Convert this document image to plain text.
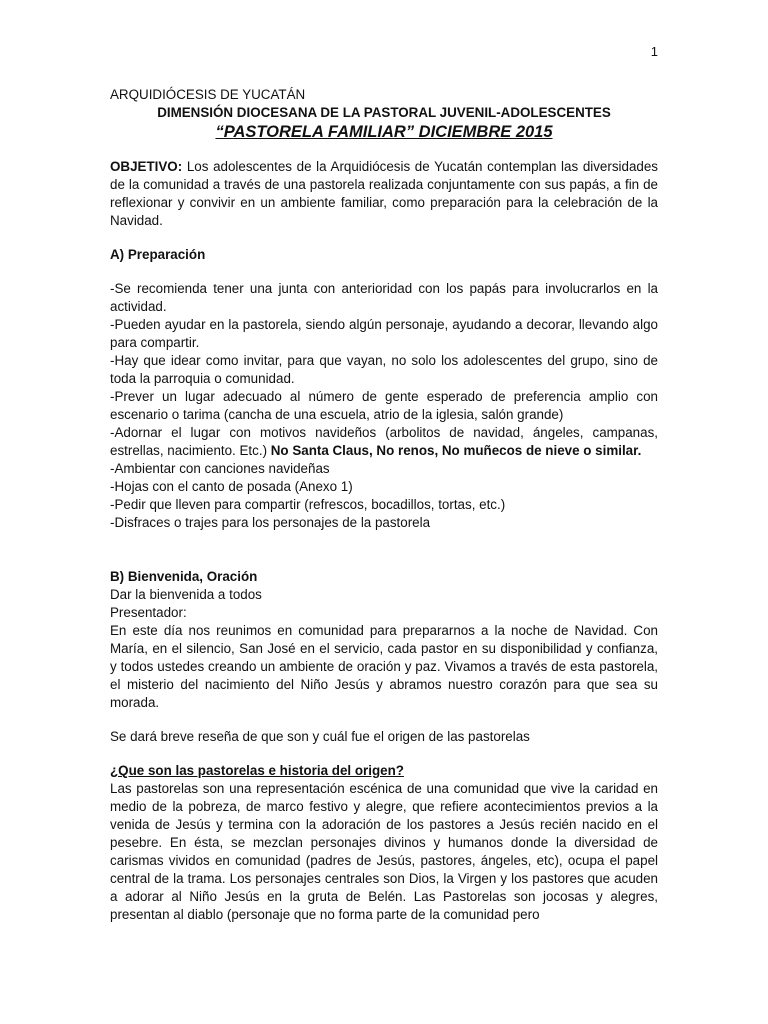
1

ARQUIDIÓCESIS DE YUCATÁN

DIMENSIÓN DIOCESANA DE LA PASTORAL JUVENIL-ADOLESCENTES

“PASTORELA FAMILIAR” DICIEMBRE 2015

OBJETIVO: Los adolescentes de la Arquidiócesis de Yucatán contemplan las diversidades de la comunidad a través de una pastorela realizada conjuntamente con sus papás, a fin de reflexionar y convivir en un ambiente familiar, como preparación para la celebración de la Navidad.

A) Preparación

-Se recomienda tener una junta con anterioridad con los papás para involucrarlos en la actividad.

-Pueden ayudar en la pastorela, siendo algún personaje, ayudando a decorar, llevando algo para compartir.

-Hay que idear como invitar, para que vayan, no solo los adolescentes del grupo, sino de toda la parroquia o comunidad.

-Prever un lugar adecuado al número de gente esperado de preferencia amplio con escenario o tarima (cancha de una escuela, atrio de la iglesia, salón grande)

-Adornar el lugar con motivos navideños (arbolitos de navidad, ángeles, campanas, estrellas, nacimiento. Etc.) No Santa Claus, No renos, No muñecos de nieve o similar.

-Ambientar con canciones navideñas

-Hojas con el canto de posada (Anexo 1)

-Pedir que lleven para compartir (refrescos, bocadillos, tortas, etc.)

-Disfraces o trajes para los personajes de la pastorela

B) Bienvenida, Oración

Dar la bienvenida a todos

Presentador:

En este día nos reunimos en comunidad para prepararnos a la noche de Navidad. Con María, en el silencio, San José en el servicio, cada pastor en su disponibilidad y confianza, y todos ustedes creando un ambiente de oración y paz. Vivamos a través de esta pastorela, el misterio del nacimiento del Niño Jesús y abramos nuestro corazón para que sea su morada.

Se dará breve reseña de que son y cuál fue el origen de las pastorelas

¿Que son las pastorelas e historia del origen?

Las pastorelas son una representación escénica de una comunidad que vive la caridad en medio de la pobreza, de marco festivo y alegre, que refiere acontecimientos previos a la venida de Jesús y termina con la adoración de los pastores a Jesús recién nacido en el pesebre. En ésta, se mezclan personajes divinos y humanos donde la diversidad de carismas vividos en comunidad (padres de Jesús, pastores, ángeles, etc), ocupa el papel central de la trama. Los personajes centrales son Dios, la Virgen y los pastores que acuden a adorar al Niño Jesús en la gruta de Belén. Las Pastorelas son jocosas y alegres, presentan al diablo (personaje que no forma parte de la comunidad pero
